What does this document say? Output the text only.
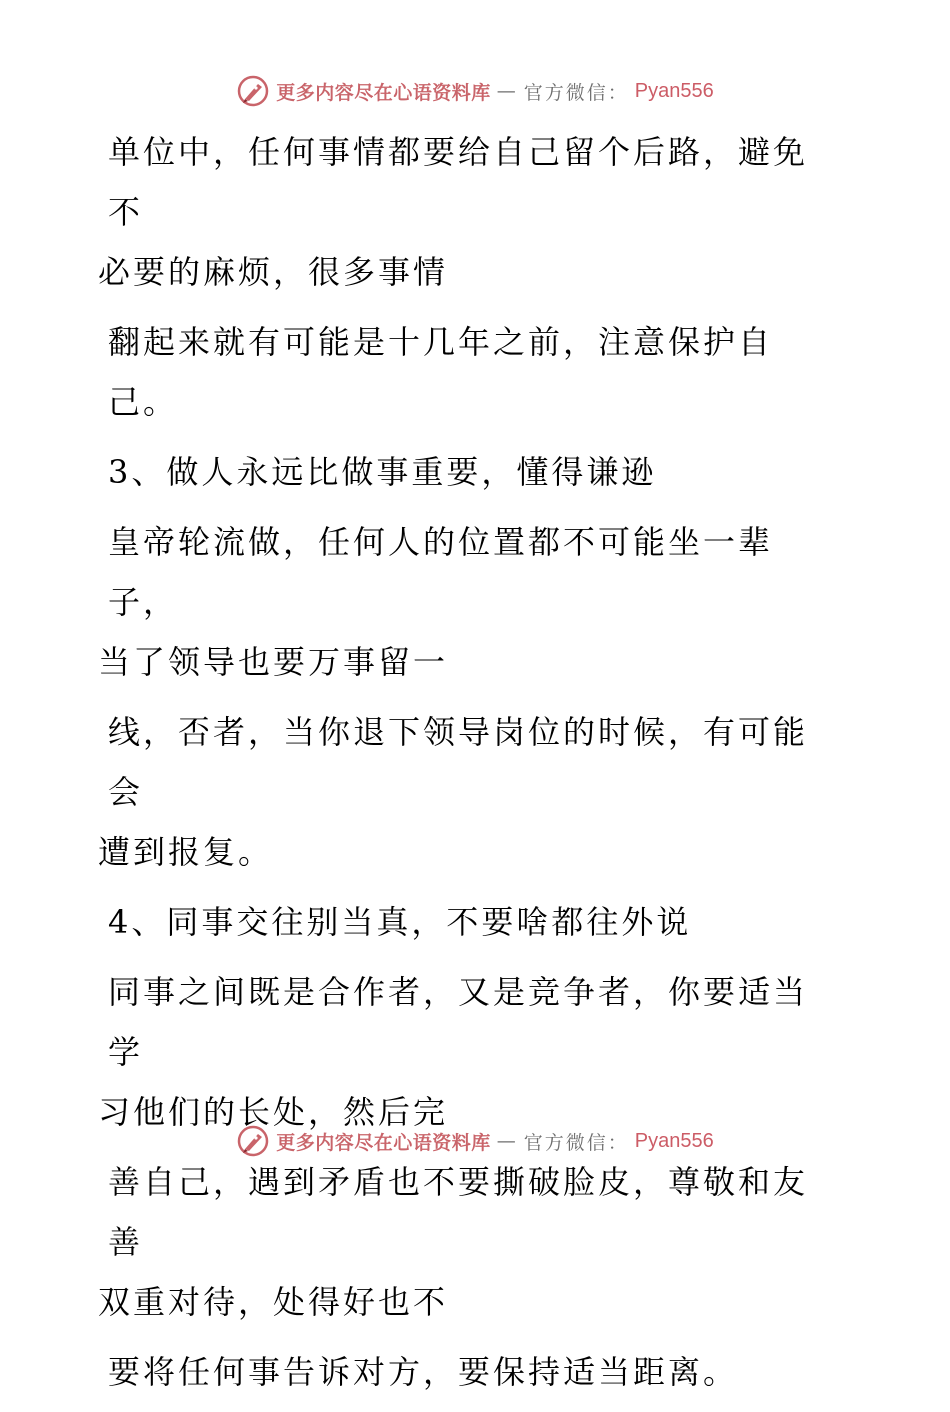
更多内容尽在心语资料库 — 官方微信： Pyan556
单位中，任何事情都要给自己留个后路，避免不
必要的麻烦，很多事情
翻起来就有可能是十几年之前，注意保护自己。
3、做人永远比做事重要，懂得谦逊
皇帝轮流做，任何人的位置都不可能坐一辈子，
当了领导也要万事留一
线，否者，当你退下领导岗位的时候，有可能会
遭到报复。
4、同事交往别当真，不要啥都往外说
同事之间既是合作者，又是竞争者，你要适当学
习他们的长处，然后完
善自己，遇到矛盾也不要撕破脸皮，尊敬和友善
双重对待，处得好也不
要将任何事告诉对方，要保持适当距离。
更多内容尽在心语资料库 — 官方微信： Pyan556
